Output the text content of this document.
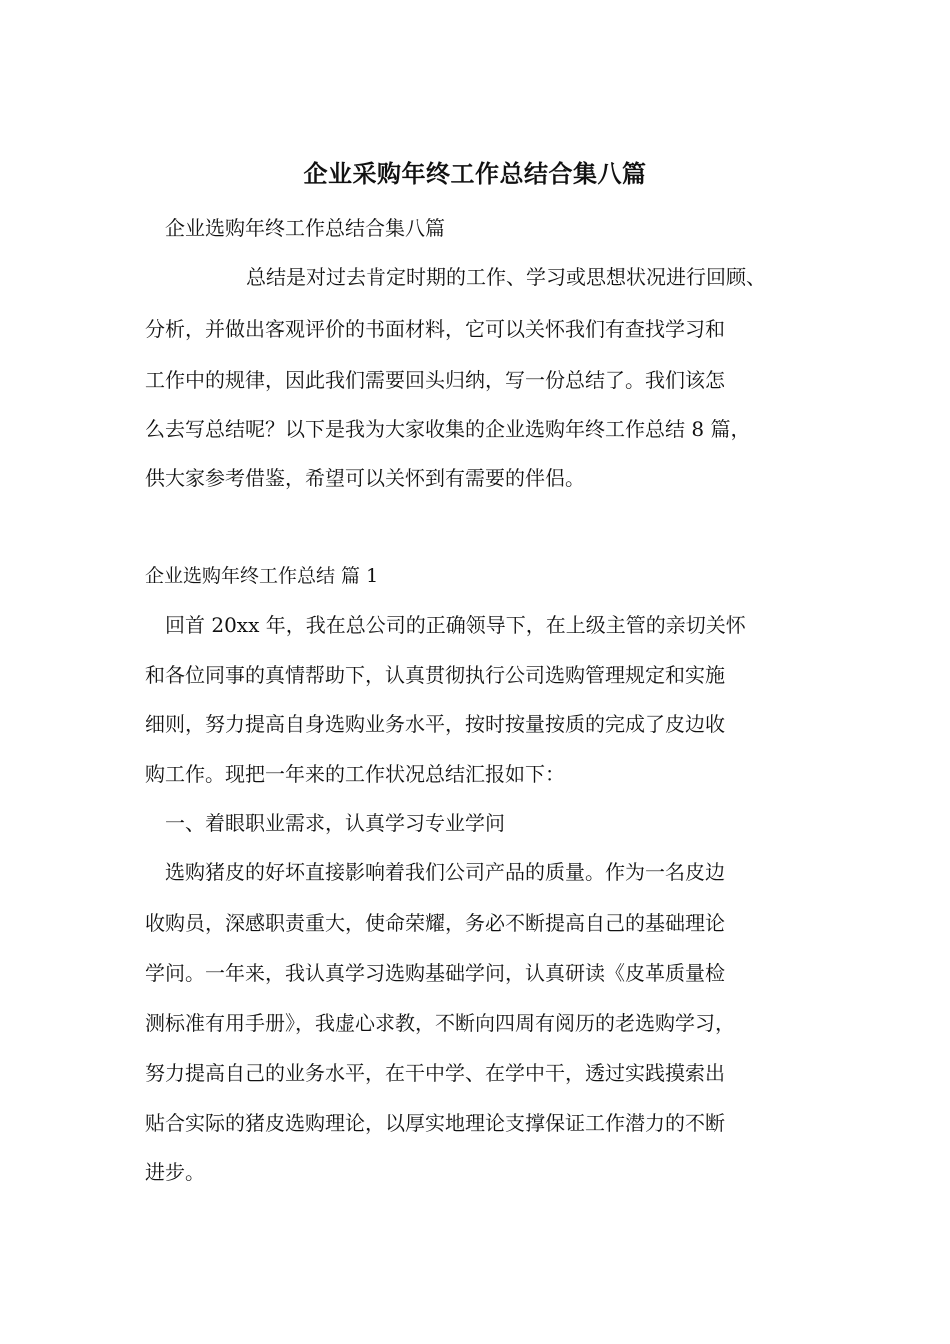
企业采购年终工作总结合集八篇
企业选购年终工作总结合集八篇
总结是对过去肯定时期的工作、学习或思想状况进行回顾、
分析，并做出客观评价的书面材料，它可以关怀我们有查找学习和
工作中的规律，因此我们需要回头归纳，写一份总结了。我们该怎
么去写总结呢？以下是我为大家收集的企业选购年终工作总结 8 篇，
供大家参考借鉴，希望可以关怀到有需要的伴侣。
企业选购年终工作总结 篇 1
回首 20xx 年，我在总公司的正确领导下，在上级主管的亲切关怀
和各位同事的真情帮助下，认真贯彻执行公司选购管理规定和实施
细则，努力提高自身选购业务水平，按时按量按质的完成了皮边收
购工作。现把一年来的工作状况总结汇报如下：
一、着眼职业需求，认真学习专业学问
选购猪皮的好坏直接影响着我们公司产品的质量。作为一名皮边
收购员，深感职责重大，使命荣耀，务必不断提高自己的基础理论
学问。一年来，我认真学习选购基础学问，认真研读《皮革质量检
测标准有用手册》，我虚心求教，不断向四周有阅历的老选购学习，
努力提高自己的业务水平，在干中学、在学中干，透过实践摸索出
贴合实际的猪皮选购理论，以厚实地理论支撑保证工作潜力的不断
进步。
